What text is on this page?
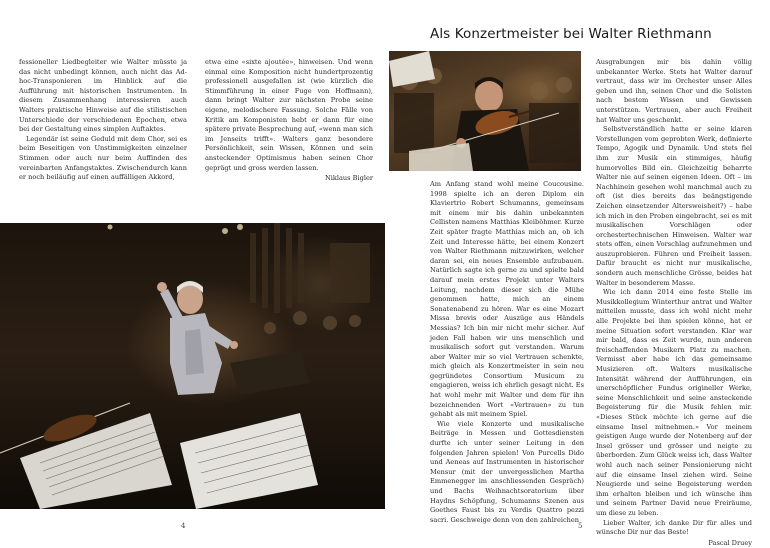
fessioneller Liedbegleiter wie Walter müsste ja das nicht unbedingt können, auch nicht das Ad-hoc-Transponieren im Hinblick auf die Aufführung mit historischen Instrumenten. In diesem Zusammenhang interessieren auch Walters praktische Hinweise auf die stilistischen Unterschiede der verschiedenen Epochen, etwa bei der Gestaltung eines simplen Auftaktes.

Legendär ist seine Geduld mit dem Chor, sei es beim Beseitigen von Unstimmigkeiten einzelner Stimmen oder auch nur beim Auffinden des vereinbarten Anfangstaktes. Zwischendurch kann er noch beiläufig auf einen auffälligen Akkord,

etwa eine «sixte ajoutée», hinweisen. Und wenn einmal eine Komposition nicht hundertprozentig professionell ausgefallen ist (wie kürzlich die Stimmführung in einer Fuge von Hoffmann), dann bringt Walter zur nächsten Probe seine eigene, melodischere Fassung. Solche Fälle von Kritik am Komponisten hebt er dann für eine spätere private Besprechung auf, «wenn man sich im Jenseits trifft». Walters ganz besondere Persönlichkeit, sein Wissen, Können und sein ansteckender Optimismus haben seinen Chor geprägt und gross werden lassen.

Niklaus Bigler
4
Als Konzertmeister bei Walter Riethmann

Am Anfang stand wohl meine Coucousine. 1998 spielte ich an deren Diplom ein Klaviertrio Robert Schumanns, gemeinsam mit einem mir bis dahin unbekannten Cellisten namens Matthias Kleiböhmer. Kurze Zeit später fragte Matthias mich an, ob ich Zeit und Interesse hätte, bei einem Konzert von Walter Riethmann mitzuwirken, welcher daran sei, ein neues Ensemble aufzubauen. Natürlich sagte ich gerne zu und spielte bald darauf mein erstes Projekt unter Walters Leitung, nachdem dieser sich die Mühe genommen hatte, mich an einem Sonatenabend zu hören. War es eine Mozart Missa brevis oder Auszüge aus Händels Messias? Ich bin mir nicht mehr sicher. Auf jeden Fall haben wir uns menschlich und musikalisch sofort gut verstanden. Warum aber Walter mir so viel Vertrauen schenkte, mich gleich als Konzertmeister in sein neu gegründetes Consortium Musicum zu engagieren, weiss ich ehrlich gesagt nicht. Es hat wohl mehr mit Walter und dem für ihn bezeichnenden Wort «Vertrauen» zu tun gehabt als mit meinem Spiel.

Wie viele Konzerte und musikalische Beiträge in Messen und Gottesdiensten durfte ich unter seiner Leitung in den folgenden Jahren spielen! Von Purcells Dido und Aeneas auf Instrumenten in historischer Mensur (mit der unvergesslichen Martha Emmenegger im anschliessenden Gespräch) und Bachs Weihnachtsoratorium über Haydns Schöpfung, Schumanns Szenen aus Goethes Faust bis zu Verdis Quattro pezzi sacri. Geschweige denn von den zahlreichen

Ausgrabungen mir bis dahin völlig unbekannter Werke. Stets hat Walter darauf vertraut, dass wir im Orchester unser Alles geben und ihn, seinen Chor und die Solisten nach bestem Wissen und Gewissen unterstützen. Vertrauen, aber auch Freiheit hat Walter uns geschenkt.

Selbstverständlich hatte er seine klaren Vorstellungen vom geprobten Werk, definierte Tempo, Agogik und Dynamik. Und stets fiel ihm zur Musik ein stimmiges, häufig humorvolles Bild ein. Gleichzeitig beharrte Walter nie auf seinen eigenen Ideen. Oft – im Nachhinein gesehen wohl manchmal auch zu oft (ist dies bereits das beängstigende Zeichen einsetzender Altersweisheit?) – habe ich mich in den Proben eingebracht, sei es mit musikalischen Vorschlägen oder orchestertechnischen Hinweisen. Walter war stets offen, einen Vorschlag aufzunehmen und auszuprobieren. Führen und Freiheit lassen. Dafür braucht es nicht nur musikalische, sondern auch menschliche Grösse, beides hat Walter in besonderem Masse.

Wie ich dann 2014 eine feste Stelle im Musikkollegium Winterthur antrat und Walter mitteilen musste, dass ich wohl nicht mehr alle Projekte bei ihm spielen könne, hat er meine Situation sofort verstanden. Klar war mir bald, dass es Zeit wurde, nun anderen freischaffenden Musikern Platz zu machen. Vermisst aber habe ich das gemeinsame Musizieren oft. Walters musikalische Intensität während der Aufführungen, ein unerschöpflicher Fundus origineller Werke, seine Menschlichkeit und seine ansteckende Begeisterung für die Musik fehlen mir. «Dieses Stück möchte ich gerne auf die einsame Insel mitnehmen.» Vor meinem geistigen Auge wurde der Notenberg auf der Insel grösser und grösser und neigte zu überborden. Zum Glück weiss ich, dass Walter wohl auch nach seiner Pensionierung nicht auf die einsame Insel ziehen wird. Seine Neugierde und seine Begeisterung werden ihm erhalten bleiben und ich wünsche ihm und seinem Partner David neue Freiräume, um diese zu leben.

Lieber Walter, ich danke Dir für alles und wünsche Dir nur das Beste!

Pascal Druey
5
